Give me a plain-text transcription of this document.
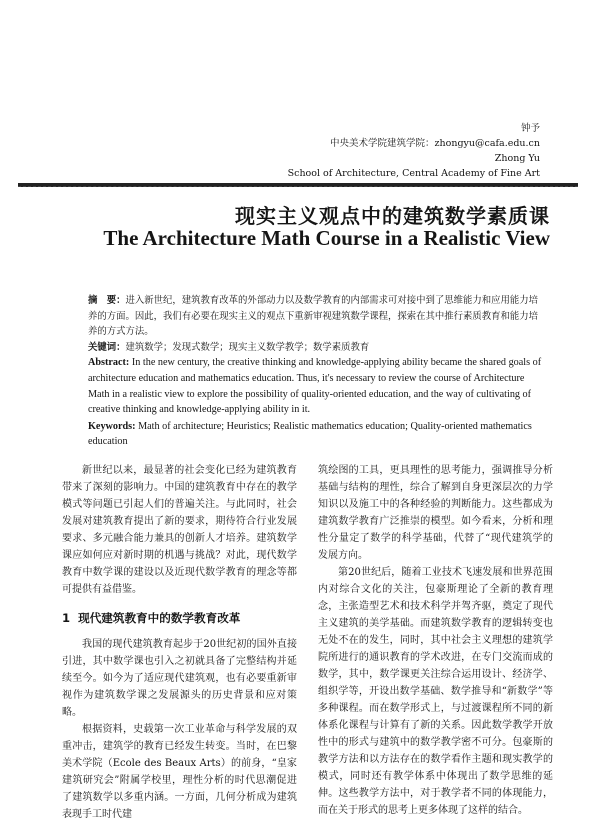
钟予
中央美术学院建筑学院：zhongyu@cafa.edu.cn
Zhong Yu
School of Architecture, Central Academy of Fine Art
现实主义观点中的建筑数学素质课
The Architecture Math Course in a Realistic View

摘　要：进入新世纪，建筑教育改革的外部动力以及数学教育的内部需求可对接中到了思维能力和应用能力培养的方面。因此，我们有必要在现实主义的观点下重新审视建筑数学课程，探索在其中推行素质教育和能力培养的方式方法。

关键词：建筑数学；发现式数学；现实主义数学教学；数学素质教育

Abstract: In the new century, the creative thinking and knowledge-applying ability became the shared goals of architecture education and mathematics education. Thus, it's necessary to review the course of Architecture Math in a realistic view to explore the possibility of quality-oriented education, and the way of cultivating of creative thinking and knowledge-applying ability in it.

Keywords: Math of architecture; Heuristics; Realistic mathematics education; Quality-oriented mathematics education

新世纪以来，最显著的社会变化已经为建筑教育带来了深刻的影响力。中国的建筑教育中存在的教学模式等问题已引起人们的普遍关注。与此同时，社会发展对建筑教育提出了新的要求，期待符合行业发展要求、多元融合能力兼具的创新人才培养。建筑数学课应如何应对新时期的机遇与挑战？对此，现代数学教育中数学课的建设以及近现代数学教育的理念等都可提供有益借鉴。

1 现代建筑教育中的数学教育改革

我国的现代建筑教育起步于20世纪初的国外直接引进，其中数学课也引入之初就具备了完整结构并延续至今。如今为了适应现代建筑观，也有必要重新审视作为建筑数学课之发展源头的历史背景和应对策略。

根据资料，史载第一次工业革命与科学发展的双重冲击，建筑学的教育已经发生转变。当时，在巴黎美术学院（Ecole des Beaux Arts）的前身，“皇家建筑研究会”附属学校里，理性分析的时代思潮促进了建筑数学以多重内涵。一方面，几何分析成为建筑表现手工时代建

筑绘图的工具，更具理性的思考能力，强调推导分析基础与结构的理性，综合了解到自身更深层次的力学知识以及施工中的各种经验的判断能力。这些都成为建筑数学教育广泛推崇的模型。如今看来，分析和理性分量定了数学的科学基础，代替了“现代建筑学的发展方向。

第20世纪后，随着工业技术飞速发展和世界范围内对综合文化的关注，包豪斯理论了全新的教育理念，主张造型艺术和技术科学并驾齐驱，奠定了现代主义建筑的美学基础。而建筑数学教育的逻辑转变也无处不在的发生，同时，其中社会主义理想的建筑学院所进行的通识教育的学术改进，在专门交流而成的数学，其中，数学课更关注综合运用设计、经济学、组织学等，开设出数学基础、数学推导和“新数学”等多种课程。而在数学形式上，与过渡课程所不同的新体系化课程与计算有了新的关系。因此数学教学开放性中的形式与建筑中的数学教学密不可分。包豪斯的教学方法和以方法存在的数学看作主题和现实教学的模式，同时还有教学体系中体现出了数学思维的延伸。这些教学方法中，对于教学者不同的体现能力，而在关于形式的思考上更多体现了这样的结合。
